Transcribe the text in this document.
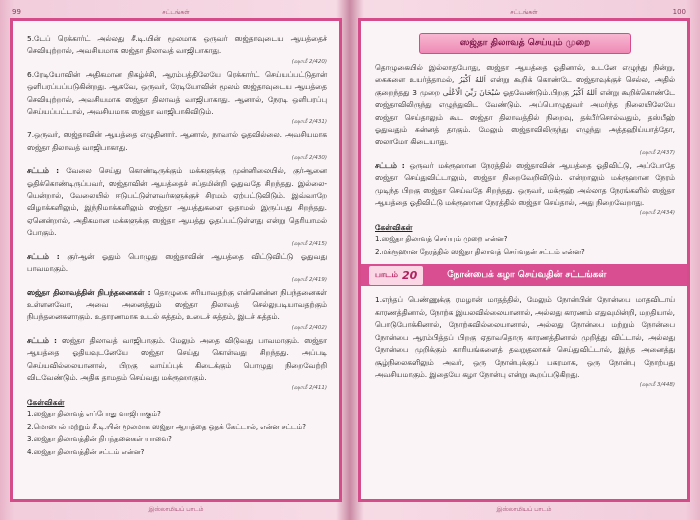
99	சட்டங்கள்

5.டேப் ரெக்கார்ட் அல்லது சீ.டி.யின் மூலமாக ஒருவர் ஸஜ்தாவுடைய ஆயத்தைச் செவியுற்றால், அவசியமாக ஸஜ்தா திலாவத் வாஜிபாகாது.

(ஷாமீ 2/420)

6.ரேடியோவின் அதிகமான நிகழ்ச்சி, ஆரம்பத்திலேயே ரெக்கார்ட் செய்யப்பட்டுதான் ஒளிபரப்பப்படுகின்றது. ஆகவே, ஒருவர், ரேடியோவின் மூலம் ஸஜ்தாவுடைய ஆயத்தை செவியுற்றால், அவசியமாக ஸஜ்தா திலாவத் வாஜிபாகாது. ஆனால், நேரடி ஒளிபரப்பு செய்யப்பட்டால், அவசியமாக ஸஜ்தா வாஜிபாகிவிடும்.

(ஷாமீ 2/431)

7.ஒருவர், ஸஜ்தாவின் ஆயத்தை எழுதினார். ஆனால், நாவால் ஓதவில்லை. அவசியமாக ஸஜ்தா திலாவத் வாஜிபாகாது.

(ஷாமீ 2/430)

சட்டம் : வேலை செய்து கொண்டிருக்கும் மக்களுக்கு முன்னிலையில், குர்ஆனை ஓதிக்கொண்டிருப்பவர், ஸஜ்தாவின் ஆயத்தைச் சப்தமின்றி ஓதுவதே சிறந்தது. இல்லை- யென்றால், வேலையில் ஈடுபட்டுள்ளவர்களுக்குச் சிரமம் ஏற்பட்டுவிடும். இவ்வாறே விழாக்களிலும், இந்நிமாக்களிலும் ஸஜ்தா ஆயத்துகளை ஓதாமல் இருப்பது சிறந்தது. ஏனென்றால், அதிகமான மக்களுக்கு ஸஜ்தா ஆயத்து ஓதப்பட்டுள்ளது என்று தெரியாமல் போகும்.

(ஷாமீ 2/415)

சட்டம் : குர்ஆன் ஓதும் பொழுது ஸஜ்தாவின் ஆயத்தை விட்டுவிட்டு ஓதுவது பாவமாகும்.

(ஷாமீ 2/419)

ஸஜ்தா திலாவத்தின் நிபந்தனைகள் : தொழுகை சரியாவதற்கு என்னென்ன நிபந்தனைகள் உள்ளனவோ, அவை அனைத்தும் ஸஜ்தா திலாவத் செல்லுபடியாவதற்கும் நிபந்தனைகளாகும். உதாரணமாக உடல் சுத்தம், உடைச் சுத்தம், இடச் சுத்தம்.

(ஷாமீ 2/402)

சட்டம் : ஸஜ்தா திலாவத் வாஜிபாகும். மேலும் அதை விடுவது பாவமாகும். ஸஜ்தா ஆயத்தை ஓதியவுடனேயே ஸஜ்தா செய்து கொள்வது சிறந்தது. அப்படி செய்யவில்லையானால், பிறகு வாய்ப்புக் கிடைக்கும் பொழுது நிறைவேற்றி விடவேண்டும். அதிக தாமதம் செய்வது மக்ரூஹாகும்.

(ஷாமீ 2/411)
கேள்விகள்
1.ஸஜ்தா திலாவத் எப்போது வாஜிபாகும்?
2.மொபைல் மற்றும் சீ.டி.யின் மூலமாக ஸஜ்தா ஆயத்தை ஒதக் கேட்டால், என்ன சட்டம்?
3.ஸஜ்தா திலாவத்தின் நிபந்தனைகள் யாவை?
4.ஸஜ்தா திலாவத்தின் சட்டம் என்ன?
இஸ்லாமியப் பாடம்
100
சட்டங்கள்
ஸஜ்தா திலாவத் செய்யும் முறை

தொழுகையில் இல்லாதபோது, ஸஜ்தா ஆயத்தை ஓதினால், உடனே எழுந்து நின்று, கைகளை உயர்த்தாமல், اَللهُ اَكْبَرُ என்று கூறிக் கொண்டே ஸஜ்தாவுக்குச் செல்ல, அதில் குறைந்தது 3 முறை سُبْحَانَ رَبِّيَ الْاَعْلٰى ஓதவேண்டும்.பிறகு اَللهُ اَكْبَرُ என்று கூறிக்கொண்டே ஸஜ்தாவிலிருந்து எழுந்துவிட வேண்டும். அப்பொழுதுவர் அமர்ந்த நிலையிலேயே ஸஜ்தா செய்தாலும் கூட ஸஜ்தா திலாவத்தில் நிறைவு, தக்பீர்சொல்வதும், தஸ்பீஹ் ஓதுவதும் சுன்னத் தாகும். மேலும் ஸஜ்தாவிலிருந்து எழுந்து அத்தஹிய்யாத்தோ, ஸலாமோ கிடையாது.

(ஷாமீ 2/437)

சட்டம் : ஒருவர் மக்ரூஹான நேரத்தில் ஸஜ்தாவின் ஆயத்தை ஓதிவிட்டு, அப்போதே ஸஜ்தா செய்துவிட்டாலும், ஸஜ்தா நிறைவேறிவிடும். என்றாலும் மக்ரூஹான நேரம் முடிந்த பிறகு ஸஜ்தா செய்வதே சிறந்தது. ஒருவர், மக்ரூஹ் அல்லாத நேரங்களில் ஸஜ்தா ஆயத்தை ஓதிவிட்டு மக்ரூஹான நேரத்தில் ஸஜ்தா செய்தால், அது நிறைவேறாது.

(ஷாமீ 2/434)
கேள்விகள்
1.ஸஜ்தா திலாவத் செய்யும் முறை என்ன?
2.மக்ரூஹான நேரத்தில் ஸஜ்தா திலாவத் செய்வதன் சட்டம் என்ன?
பாடம் 20	நோன்பைக் கழா செய்வதின் சட்டங்கள்

1.எந்தப் பெண்ணுக்கு ரமழான் மாதத்தில், மேலும் நோன்பின் நோன்பை மாதவிடாய் காரணத்தினால், நோற்க இயலவில்லையானால், அல்லது காரணம் எதுவுமின்றி, மறதியால், பொடுபோக்கினால், நோற்கவில்லையானால், அல்லது நோன்பை மற்றும் நோன்பை நோன்பை ஆரம்பித்தப் பிறகு ஏதாவதொரு காரணத்தினால் முறித்து விட்டால், அல்லது நோன்பை முறிக்கும் காரியங்களைத் தவறுதலாகச் செய்துவிட்டால், இந்த அனைத்து சூழ்நிலைகளிலும் அவர், ஒரு நோன்புக்குப் பகரமாக, ஒரு நோன்பு நோற்பது அவசியமாகும். இதையே கழா நோன்பு என்று கூறப்படுகிறது.

(ஷாமீ 3/448)
இஸ்லாமியப் பாடம்
